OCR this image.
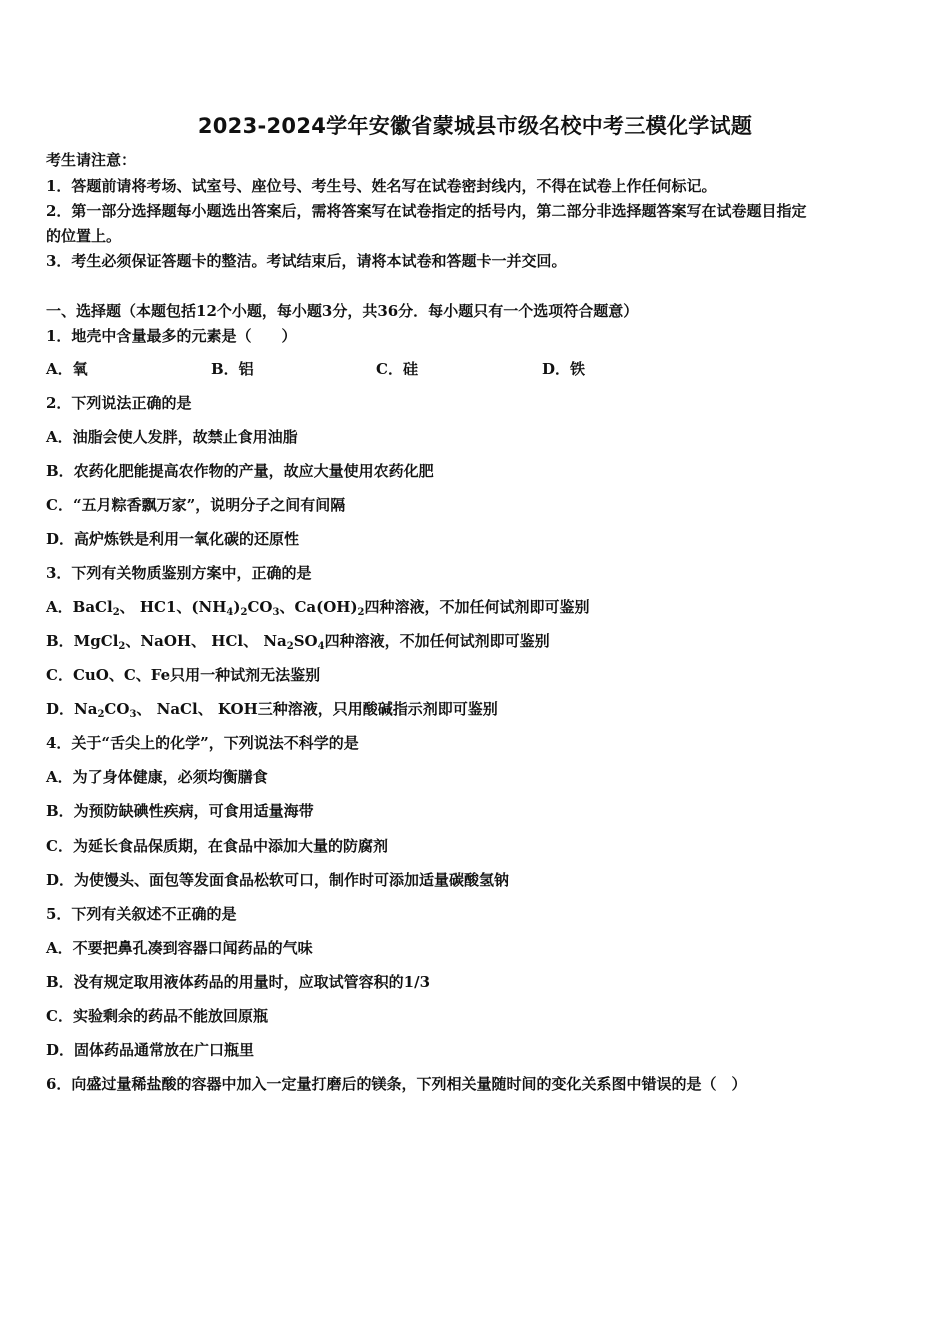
2023-2024学年安徽省蒙城县市级名校中考三模化学试题
考生请注意：
1．答题前请将考场、试室号、座位号、考生号、姓名写在试卷密封线内，不得在试卷上作任何标记。
2．第一部分选择题每小题选出答案后，需将答案写在试卷指定的括号内，第二部分非选择题答案写在试卷题目指定
的位置上。
3．考生必须保证答题卡的整洁。考试结束后，请将本试卷和答题卡一并交回。
一、选择题（本题包括12个小题，每小题3分，共36分．每小题只有一个选项符合题意）
1．地壳中含量最多的元素是（　　）
A．氧	B．铝	C．硅	D．铁
2．下列说法正确的是
A．油脂会使人发胖，故禁止食用油脂
B．农药化肥能提高农作物的产量，故应大量使用农药化肥
C．“五月粽香飘万家”，说明分子之间有间隔
D．高炉炼铁是利用一氧化碳的还原性
3．下列有关物质鉴别方案中，正确的是
A．BaCl$_2$、 HC1、$(NH_4)_2CO_3$、$Ca(OH)_2$四种溶液，不加任何试剂即可鉴别
B．MgCl$_2$、NaOH、 HCl、 $Na_2SO_4$四种溶液，不加任何试剂即可鉴别
C．CuO、C、Fe只用一种试剂无法鉴别
D．$Na_2CO_3$、 NaCl、 KOH三种溶液，只用酸碱指示剂即可鉴别
4．关于“舌尖上的化学”，下列说法不科学的是
A．为了身体健康，必须均衡膳食
B．为预防缺碘性疾病，可食用适量海带
C．为延长食品保质期，在食品中添加大量的防腐剂
D．为使馒头、面包等发面食品松软可口，制作时可添加适量碳酸氢钠
5．下列有关叙述不正确的是
A．不要把鼻孔凑到容器口闻药品的气味
B．没有规定取用液体药品的用量时，应取试管容积的1/3
C．实验剩余的药品不能放回原瓶
D．固体药品通常放在广口瓶里
6．向盛过量稀盐酸的容器中加入一定量打磨后的镁条，下列相关量随时间的变化关系图中错误的是（　）
